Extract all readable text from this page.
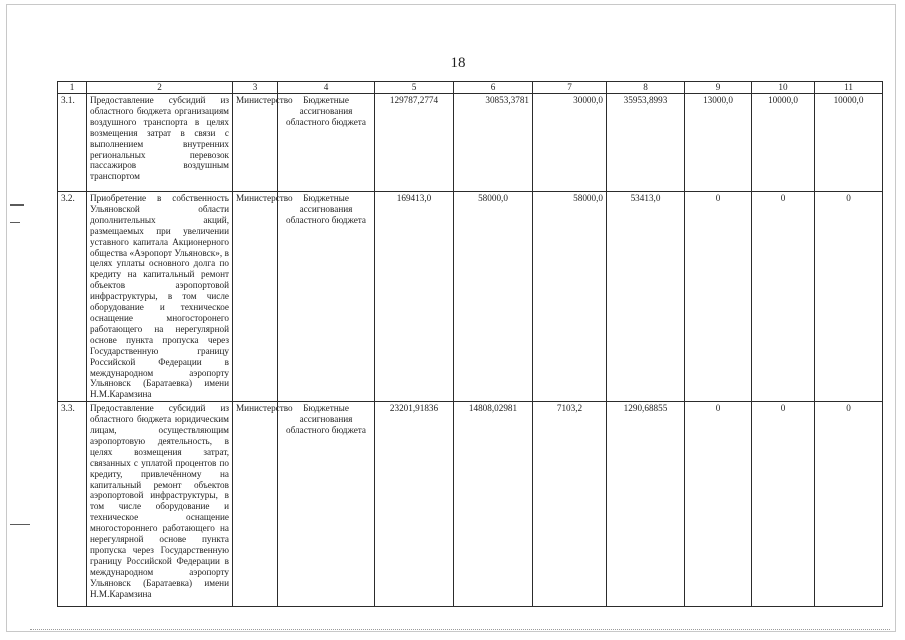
18
1	2	3	4	5	6	7	8	9	10	11
3.1.	Предоставление субсидий из областного бюджета организациям воздушного транспорта в целях возмещения затрат в связи с выполнением внутренних региональных перевозок пассажиров воздушным транспортом	Министерство	Бюджетные ассигнования областного бюджета	129787,2774	30853,3781	30000,0	35953,8993	13000,0	10000,0	10000,0
3.2.	Приобретение в собственность Ульяновской области дополнительных акций, размещаемых при увеличении уставного капитала Акционерного общества «Аэропорт Ульяновск», в целях уплаты основного долга по кредиту на капитальный ремонт объектов аэропортовой инфраструктуры, в том числе оборудование и техническое оснащение многосторонего работающего на нерегулярной основе пункта пропуска через Государственную границу Российской Федерации в международном аэропорту Ульяновск (Баратаевка) имени Н.М.Карамзина	Министерство	Бюджетные ассигнования областного бюджета	169413,0	58000,0	58000,0	53413,0	0	0	0
3.3.	Предоставление субсидий из областного бюджета юридическим лицам, осуществляющим аэропортовую деятельность, в целях возмещения затрат, связанных с уплатой процентов по кредиту, привлечённому на капитальный ремонт объектов аэропортовой инфраструктуры, в том числе оборудование и техническое оснащение многостороннего работающего на нерегулярной основе пункта пропуска через Государственную границу Российской Федерации в международном аэропорту Ульяновск (Баратаевка) имени Н.М.Карамзина	Министерство	Бюджетные ассигнования областного бюджета	23201,91836	14808,02981	7103,2	1290,68855	0	0	0
